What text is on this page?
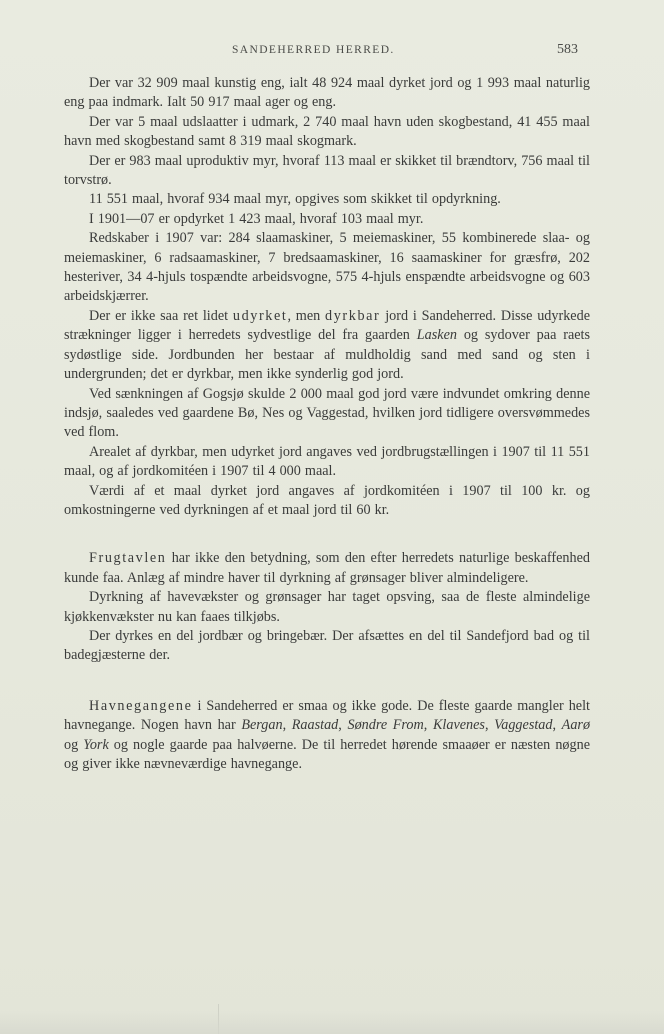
SANDEHERRED HERRED.	583

Der var 32 909 maal kunstig eng, ialt 48 924 maal dyrket jord og 1 993 maal naturlig eng paa indmark. Ialt 50 917 maal ager og eng.

Der var 5 maal udslaatter i udmark, 2 740 maal havn uden skogbestand, 41 455 maal havn med skogbestand samt 8 319 maal skogmark.

Der er 983 maal uproduktiv myr, hvoraf 113 maal er skikket til brændtorv, 756 maal til torvstrø.

11 551 maal, hvoraf 934 maal myr, opgives som skikket til opdyrkning.

I 1901—07 er opdyrket 1 423 maal, hvoraf 103 maal myr.

Redskaber i 1907 var: 284 slaamaskiner, 5 meiemaskiner, 55 kombinerede slaa- og meiemaskiner, 6 radsaamaskiner, 7 bredsaamaskiner, 16 saamaskiner for græsfrø, 202 hesteriver, 34 4-hjuls tospændte arbeidsvogne, 575 4-hjuls enspændte arbeidsvogne og 603 arbeidskjærrer.

Der er ikke saa ret lidet udyrket, men dyrkbar jord i Sandeherred. Disse udyrkede strækninger ligger i herredets sydvestlige del fra gaarden Lasken og sydover paa raets sydøstlige side. Jordbunden her bestaar af muldholdig sand med sand og sten i undergrunden; det er dyrkbar, men ikke synderlig god jord.

Ved sænkningen af Gogsjø skulde 2 000 maal god jord være indvundet omkring denne indsjø, saaledes ved gaardene Bø, Nes og Vaggestad, hvilken jord tidligere oversvømmedes ved flom.

Arealet af dyrkbar, men udyrket jord angaves ved jordbrugstællingen i 1907 til 11 551 maal, og af jordkomitéen i 1907 til 4 000 maal.

Værdi af et maal dyrket jord angaves af jordkomitéen i 1907 til 100 kr. og omkostningerne ved dyrkningen af et maal jord til 60 kr.

Frugtavlen har ikke den betydning, som den efter herredets naturlige beskaffenhed kunde faa. Anlæg af mindre haver til dyrkning af grønsager bliver almindeligere.

Dyrkning af havevækster og grønsager har taget opsving, saa de fleste almindelige kjøkkenvækster nu kan faaes tilkjøbs.

Der dyrkes en del jordbær og bringebær. Der afsættes en del til Sandefjord bad og til badegjæsterne der.

Havnegangene i Sandeherred er smaa og ikke gode. De fleste gaarde mangler helt havnegange. Nogen havn har Bergan, Raastad, Søndre From, Klavenes, Vaggestad, Aarø og York og nogle gaarde paa halvøerne. De til herredet hørende smaaøer er næsten nøgne og giver ikke nævneværdige havnegange.
